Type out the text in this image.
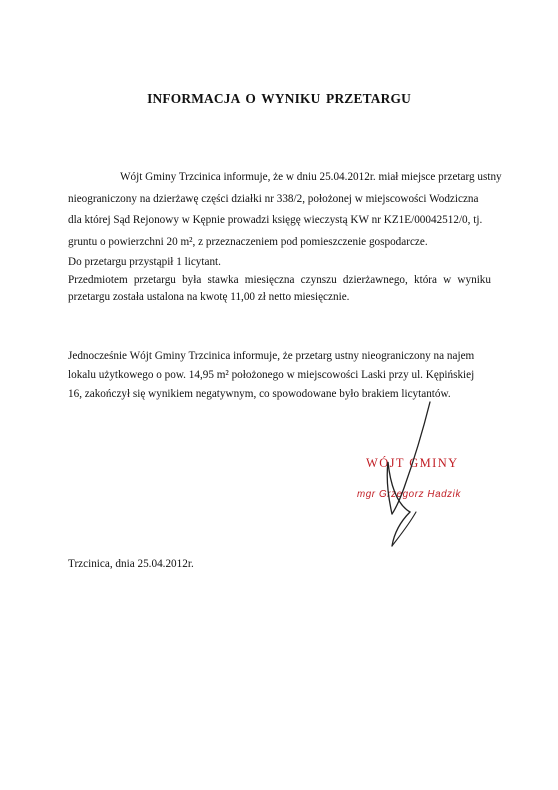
INFORMACJA O WYNIKU PRZETARGU
Wójt Gminy Trzcinica informuje, że w dniu 25.04.2012r. miał miejsce przetarg ustny
nieograniczony na dzierżawę części działki nr 338/2, położonej w miejscowości Wodziczna
dla której Sąd Rejonowy w Kępnie prowadzi księgę wieczystą KW nr KZ1E/00042512/0, tj.
gruntu o powierzchni 20 m², z przeznaczeniem pod pomieszczenie gospodarcze.
Do przetargu przystąpił 1 licytant.
Przedmiotem przetargu była stawka miesięczna czynszu dzierżawnego, która w wyniku
przetargu została ustalona na kwotę 11,00 zł netto miesięcznie.
Jednocześnie Wójt Gminy Trzcinica informuje, że przetarg ustny nieograniczony na najem
lokalu użytkowego o pow. 14,95 m² położonego w miejscowości Laski przy ul. Kępińskiej
16, zakończył się wynikiem negatywnym, co spowodowane było brakiem licytantów.
WÓJT GMINY
mgr Grzegorz Hadzik
Trzcinica, dnia 25.04.2012r.
